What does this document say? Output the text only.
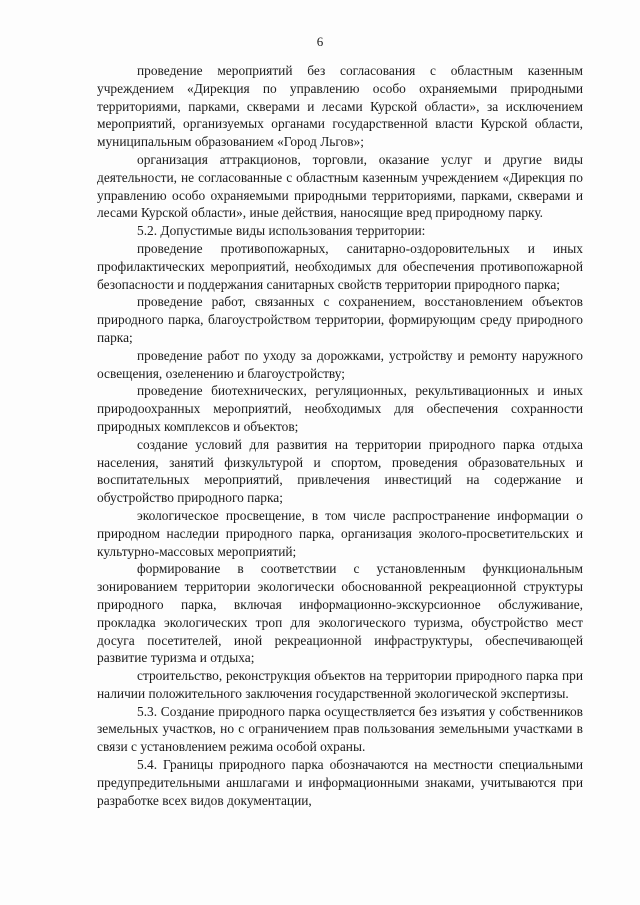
6

проведение мероприятий без согласования с областным казенным учреждением «Дирекция по управлению особо охраняемыми природными территориями, парками, скверами и лесами Курской области», за исключением мероприятий, организуемых органами государственной власти Курской области, муниципальным образованием «Город Льгов»;

организация аттракционов, торговли, оказание услуг и другие виды деятельности, не согласованные с областным казенным учреждением «Дирекция по управлению особо охраняемыми природными территориями, парками, скверами и лесами Курской области», иные действия, наносящие вред природному парку.

5.2. Допустимые виды использования территории:

проведение противопожарных, санитарно-оздоровительных и иных профилактических мероприятий, необходимых для обеспечения противопожарной безопасности и поддержания санитарных свойств территории природного парка;

проведение работ, связанных с сохранением, восстановлением объектов природного парка, благоустройством территории, формирующим среду природного парка;

проведение работ по уходу за дорожками, устройству и ремонту наружного освещения, озеленению и благоустройству;

проведение биотехнических, регуляционных, рекультивационных и иных природоохранных мероприятий, необходимых для обеспечения сохранности природных комплексов и объектов;

создание условий для развития на территории природного парка отдыха населения, занятий физкультурой и спортом, проведения образовательных и воспитательных мероприятий, привлечения инвестиций на содержание и обустройство природного парка;

экологическое просвещение, в том числе распространение информации о природном наследии природного парка, организация эколого-просветительских и культурно-массовых мероприятий;

формирование в соответствии с установленным функциональным зонированием территории экологически обоснованной рекреационной структуры природного парка, включая информационно-экскурсионное обслуживание, прокладка экологических троп для экологического туризма, обустройство мест досуга посетителей, иной рекреационной инфраструктуры, обеспечивающей развитие туризма и отдыха;

строительство, реконструкция объектов на территории природного парка при наличии положительного заключения государственной экологической экспертизы.

5.3. Создание природного парка осуществляется без изъятия у собственников земельных участков, но с ограничением прав пользования земельными участками в связи с установлением режима особой охраны.

5.4. Границы природного парка обозначаются на местности специальными предупредительными аншлагами и информационными знаками, учитываются при разработке всех видов документации,
